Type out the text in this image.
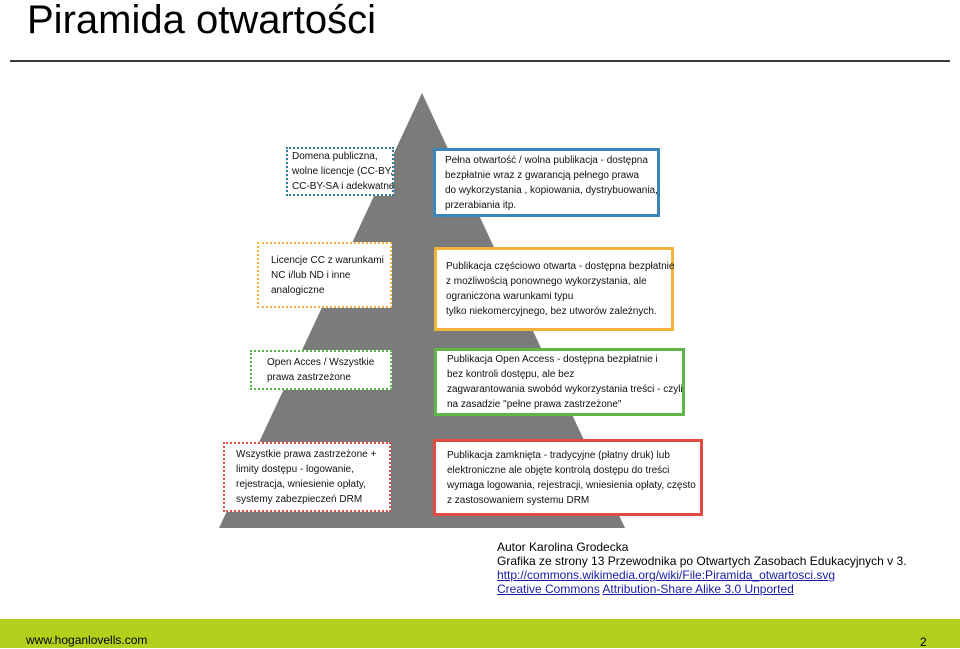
Piramida otwartości
Domena publiczna,
wolne licencje (CC-BY,
CC-BY-SA i adekwatne
Pełna otwartość / wolna publikacja - dostępna
bezpłatnie wraz z gwarancją pełnego prawa
do wykorzystania , kopiowania, dystrybuowania,
przerabiania itp.
Licencje CC z warunkami
NC i/lub ND i inne
analogiczne
Publikacja częściowo otwarta - dostępna bezpłatnie
z możliwością ponownego wykorzystania, ale
ograniczona warunkami typu
tylko niekomercyjnego, bez utworów zależnych.
Open Acces / Wszystkie
prawa zastrzeżone
Publikacja Open Access - dostępna bezpłatnie i
bez kontroli dostępu, ale bez
zagwarantowania swobód wykorzystania treści - czyli
na zasadzie "pełne prawa zastrzeżone"
Wszystkie prawa zastrzeżone +
limity dostępu - logowanie,
rejestracja, wniesienie opłaty,
systemy zabezpieczeń DRM
Publikacja zamknięta - tradycyjne (płatny druk) lub
elektroniczne ale objęte kontrolą dostępu do treści
wymaga logowania, rejestracji, wniesienia opłaty, często
z zastosowaniem systemu DRM
Autor Karolina Grodecka
Grafika ze strony 13 Przewodnika po Otwartych Zasobach Edukacyjnych v 3.
http://commons.wikimedia.org/wiki/File:Piramida_otwartosci.svg
Creative Commons Attribution-Share Alike 3.0 Unported
www.hoganlovells.com	2
